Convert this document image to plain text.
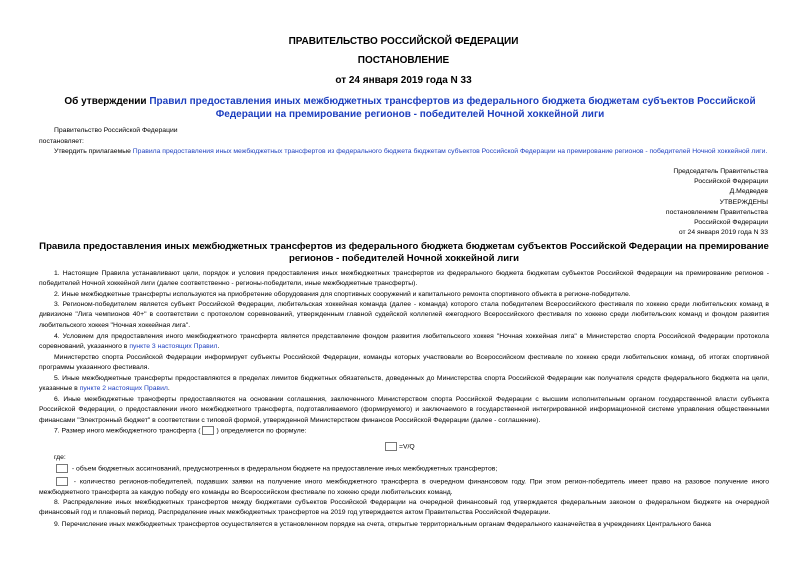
ПРАВИТЕЛЬСТВО РОССИЙСКОЙ ФЕДЕРАЦИИ
ПОСТАНОВЛЕНИЕ
от 24 января 2019 года N 33
Об утверждении Правил предоставления иных межбюджетных трансфертов из федерального бюджета бюджетам субъектов Российской Федерации на премирование регионов - победителей Ночной хоккейной лиги
Правительство Российской Федерации
постановляет:
Утвердить прилагаемые Правила предоставления иных межбюджетных трансфертов из федерального бюджета бюджетам субъектов Российской Федерации на премирование регионов - победителей Ночной хоккейной лиги.
Председатель Правительства
Российской Федерации
Д.Медведев
УТВЕРЖДЕНЫ
постановлением Правительства
Российской Федерации
от 24 января 2019 года N 33
Правила предоставления иных межбюджетных трансфертов из федерального бюджета бюджетам субъектов Российской Федерации на премирование регионов - победителей Ночной хоккейной лиги
1. Настоящие Правила устанавливают цели, порядок и условия предоставления иных межбюджетных трансфертов из федерального бюджета бюджетам субъектов Российской Федерации на премирование регионов - победителей Ночной хоккейной лиги (далее соответственно - регионы-победители, иные межбюджетные трансферты).
2. Иные межбюджетные трансферты используются на приобретение оборудования для спортивных сооружений и капитального ремонта спортивного объекта в регионе-победителе.
3. Регионом-победителем является субъект Российской Федерации, любительская хоккейная команда (далее - команда) которого стала победителем Всероссийского фестиваля по хоккею среди любительских команд в дивизионе "Лига чемпионов 40+" в соответствии с протоколом соревнований, утвержденным главной судейской коллегией ежегодного Всероссийского фестиваля по хоккею среди любительских команд и фондом развития любительского хоккея "Ночная хоккейная лига".
4. Условием для предоставления иного межбюджетного трансферта является представление фондом развития любительского хоккея "Ночная хоккейная лига" в Министерство спорта Российской Федерации протокола соревнований, указанного в пункте 3 настоящих Правил.
Министерство спорта Российской Федерации информирует субъекты Российской Федерации, команды которых участвовали во Всероссийском фестивале по хоккею среди любительских команд, об итогах спортивной программы указанного фестиваля.
5. Иные межбюджетные трансферты предоставляются в пределах лимитов бюджетных обязательств, доведенных до Министерства спорта Российской Федерации как получателя средств федерального бюджета на цели, указанные в пункте 2 настоящих Правил.
6. Иные межбюджетные трансферты предоставляются на основании соглашения, заключенного Министерством спорта Российской Федерации с высшим исполнительным органом государственной власти субъекта Российской Федерации, о предоставлении иного межбюджетного трансферта, подготавливаемого (формируемого) и заключаемого в государственной интегрированной информационной системе управления общественными финансами "Электронный бюджет" в соответствии с типовой формой, утвержденной Министерством финансов Российской Федерации (далее - соглашение).
7. Размер иного межбюджетного трансферта ( ) определяется по формуле:
=V/Q
где:
- объем бюджетных ассигнований, предусмотренных в федеральном бюджете на предоставление иных межбюджетных трансфертов;
- количество регионов-победителей, подавших заявки на получение иного межбюджетного трансферта в очередном финансовом году. При этом регион-победитель имеет право на разовое получение иного межбюджетного трансферта за каждую победу его команды во Всероссийском фестивале по хоккею среди любительских команд.
8. Распределение иных межбюджетных трансфертов между бюджетами субъектов Российской Федерации на очередной финансовый год утверждается федеральным законом о федеральном бюджете на очередной финансовый год и плановый период. Распределение иных межбюджетных трансфертов на 2019 год утверждается актом Правительства Российской Федерации.
9. Перечисление иных межбюджетных трансфертов осуществляется в установленном порядке на счета, открытые территориальным органам Федерального казначейства в учреждениях Центрального банка
